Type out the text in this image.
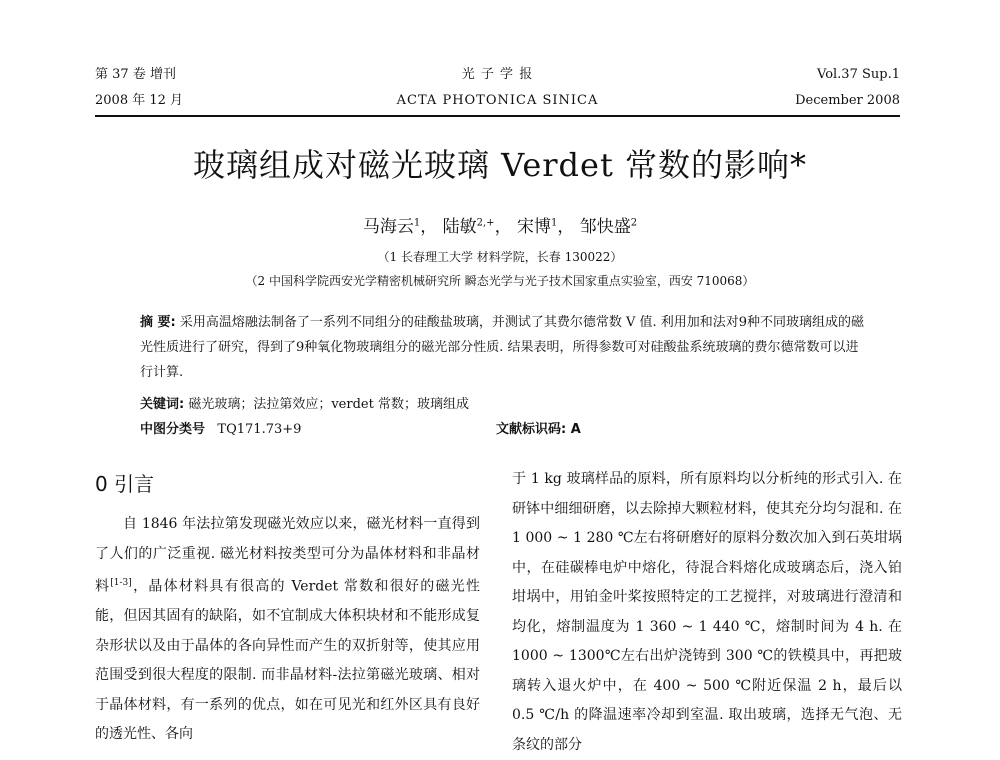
第 37 卷 增刊
2008 年 12 月
光 子 学 报
ACTA PHOTONICA SINICA
Vol.37 Sup.1
December 2008
玻璃组成对磁光玻璃 Verdet 常数的影响*
马海云$^1$， 陆敏$^{2,+}$， 宋博$^1$， 邹快盛$^2$
（1 长春理工大学 材料学院，长春 130022）
（2 中国科学院西安光学精密机械研究所 瞬态光学与光子技术国家重点实验室，西安 710068）
摘 要: 采用高温熔融法制备了一系列不同组分的硅酸盐玻璃，并测试了其费尔德常数 V 值. 利用加和法对9种不同玻璃组成的磁光性质进行了研究，得到了9种氧化物玻璃组分的磁光部分性质. 结果表明，所得参数可对硅酸盐系统玻璃的费尔德常数可以进行计算.
关键词: 磁光玻璃；法拉第效应；verdet 常数；玻璃组成
中图分类号 TQ171.73+9	文献标识码: A
0 引言
自 1846 年法拉第发现磁光效应以来，磁光材料一直得到了人们的广泛重视. 磁光材料按类型可分为晶体材料和非晶材料[1-3]，晶体材料具有很高的 Verdet 常数和很好的磁光性能，但因其固有的缺陷，如不宜制成大体积块材和不能形成复杂形状以及由于晶体的各向异性而产生的双折射等，使其应用范围受到很大程度的限制. 而非晶材料-法拉第磁光玻璃、相对于晶体材料，有一系列的优点，如在可见光和红外区具有良好的透光性、各向
于 1 kg 玻璃样品的原料，所有原料均以分析纯的形式引入. 在研钵中细细研磨，以去除掉大颗粒材料，使其充分均匀混和. 在 1 000 ~ 1 280 ℃左右将研磨好的原料分数次加入到石英坩埚中，在硅碳棒电炉中熔化，待混合料熔化成玻璃态后，浇入铂坩埚中，用铂金叶桨按照特定的工艺搅拌，对玻璃进行澄清和均化，熔制温度为 1 360 ~ 1 440 ℃，熔制时间为 4 h. 在 1000 ~ 1300℃左右出炉浇铸到 300 ℃的铁模具中，再把玻璃转入退火炉中，在 400 ~ 500 ℃附近保温 2 h，最后以 0.5 ℃/h 的降温速率冷却到室温. 取出玻璃，选择无气泡、无条纹的部分
